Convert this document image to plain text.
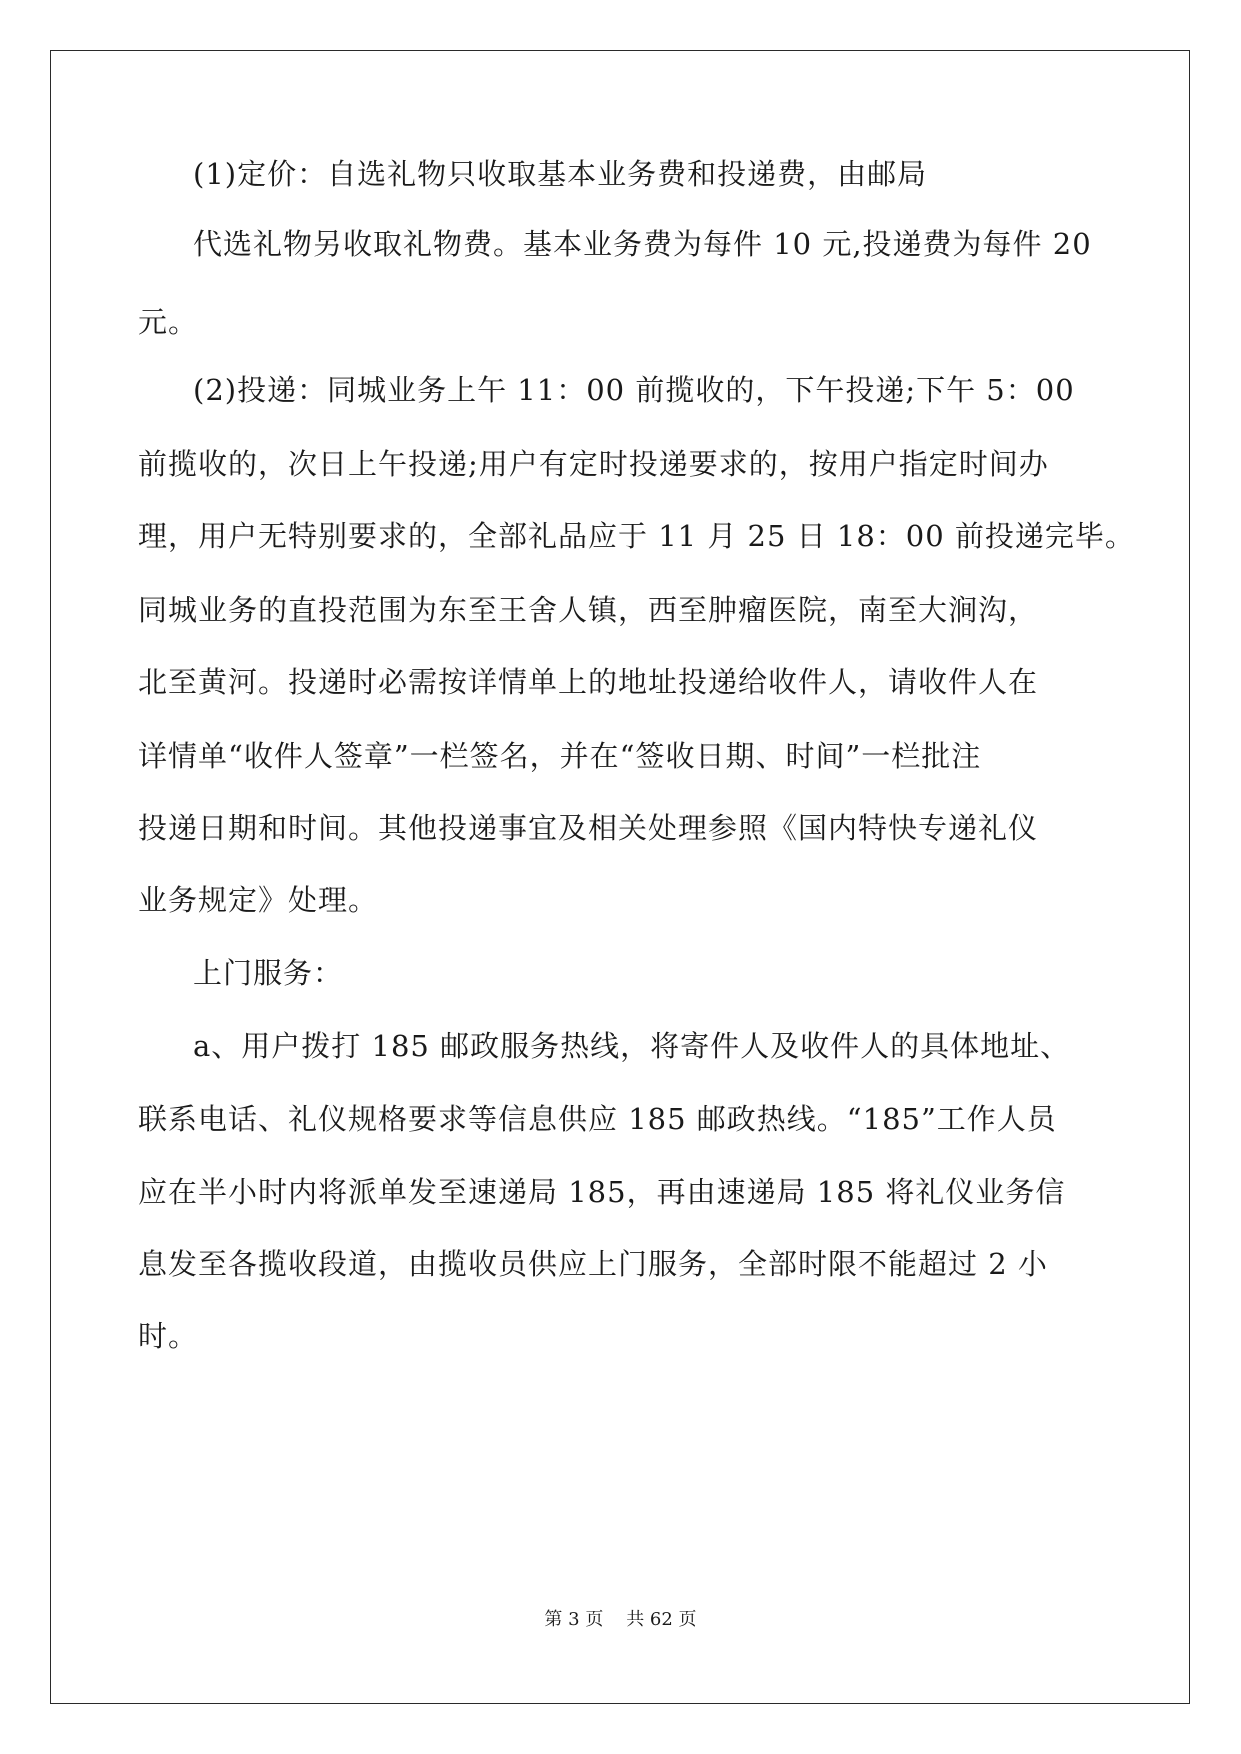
(1)定价：自选礼物只收取基本业务费和投递费，由邮局
代选礼物另收取礼物费。基本业务费为每件 10 元,投递费为每件 20
元。
(2)投递：同城业务上午 11：00 前揽收的，下午投递;下午 5：00
前揽收的，次日上午投递;用户有定时投递要求的，按用户指定时间办
理，用户无特别要求的，全部礼品应于 11 月 25 日 18：00 前投递完毕。
同城业务的直投范围为东至王舍人镇，西至肿瘤医院，南至大涧沟，
北至黄河。投递时必需按详情单上的地址投递给收件人，请收件人在
详情单“收件人签章”一栏签名，并在“签收日期、时间”一栏批注
投递日期和时间。其他投递事宜及相关处理参照《国内特快专递礼仪
业务规定》处理。
上门服务：
a、用户拨打 185 邮政服务热线，将寄件人及收件人的具体地址、
联系电话、礼仪规格要求等信息供应 185 邮政热线。“185”工作人员
应在半小时内将派单发至速递局 185，再由速递局 185 将礼仪业务信
息发至各揽收段道，由揽收员供应上门服务，全部时限不能超过 2 小
时。
第 3 页    共 62 页
